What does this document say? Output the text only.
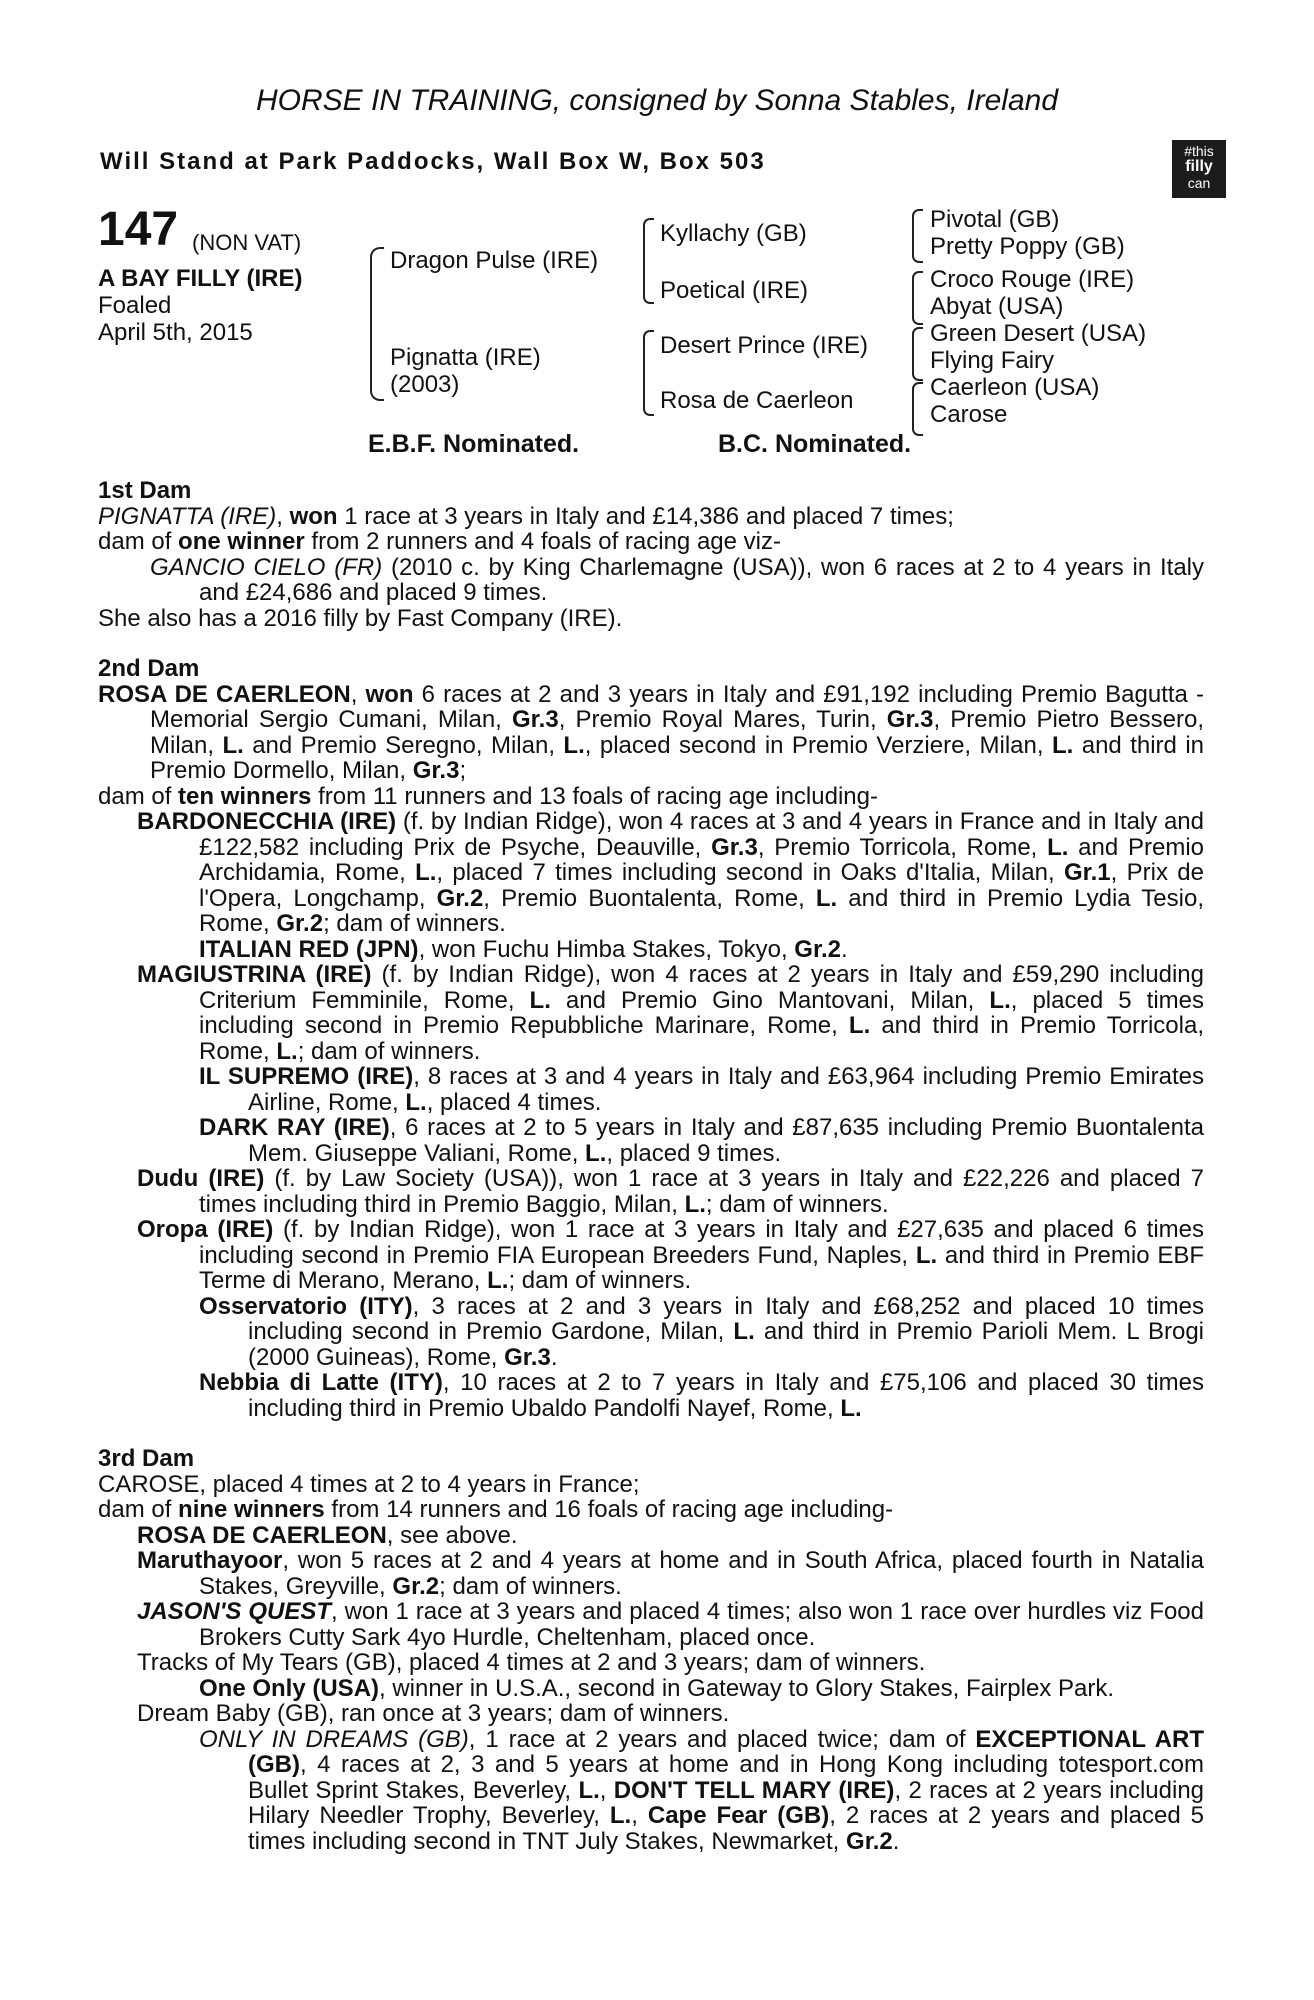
HORSE IN TRAINING, consigned by Sonna Stables, Ireland
Will Stand at Park Paddocks, Wall Box W, Box 503	#this
filly
can
147 (NON VAT)
A BAY FILLY (IRE)
Foaled
April 5th, 2015
Dragon Pulse (IRE)
Pignatta (IRE)
(2003)
Kyllachy (GB)
Poetical (IRE)
Desert Prince (IRE)
Rosa de Caerleon
Pivotal (GB)
Pretty Poppy (GB)
Croco Rouge (IRE)
Abyat (USA)
Green Desert (USA)
Flying Fairy
Caerleon (USA)
Carose
E.B.F. Nominated.	B.C. Nominated.
1st Dam
PIGNATTA (IRE), won 1 race at 3 years in Italy and £14,386 and placed 7 times;
dam of one winner from 2 runners and 4 foals of racing age viz-
GANCIO CIELO (FR) (2010 c. by King Charlemagne (USA)), won 6 races at 2 to 4 years in Italy and £24,686 and placed 9 times.
She also has a 2016 filly by Fast Company (IRE).
2nd Dam
ROSA DE CAERLEON, won 6 races at 2 and 3 years in Italy and £91,192 including Premio Bagutta - Memorial Sergio Cumani, Milan, Gr.3, Premio Royal Mares, Turin, Gr.3, Premio Pietro Bessero, Milan, L. and Premio Seregno, Milan, L., placed second in Premio Verziere, Milan, L. and third in Premio Dormello, Milan, Gr.3;
dam of ten winners from 11 runners and 13 foals of racing age including-
BARDONECCHIA (IRE) (f. by Indian Ridge), won 4 races at 3 and 4 years in France and in Italy and £122,582 including Prix de Psyche, Deauville, Gr.3, Premio Torricola, Rome, L. and Premio Archidamia, Rome, L., placed 7 times including second in Oaks d'Italia, Milan, Gr.1, Prix de l'Opera, Longchamp, Gr.2, Premio Buontalenta, Rome, L. and third in Premio Lydia Tesio, Rome, Gr.2; dam of winners.
ITALIAN RED (JPN), won Fuchu Himba Stakes, Tokyo, Gr.2.
MAGIUSTRINA (IRE) (f. by Indian Ridge), won 4 races at 2 years in Italy and £59,290 including Criterium Femminile, Rome, L. and Premio Gino Mantovani, Milan, L., placed 5 times including second in Premio Repubbliche Marinare, Rome, L. and third in Premio Torricola, Rome, L.; dam of winners.
IL SUPREMO (IRE), 8 races at 3 and 4 years in Italy and £63,964 including Premio Emirates Airline, Rome, L., placed 4 times.
DARK RAY (IRE), 6 races at 2 to 5 years in Italy and £87,635 including Premio Buontalenta Mem. Giuseppe Valiani, Rome, L., placed 9 times.
Dudu (IRE) (f. by Law Society (USA)), won 1 race at 3 years in Italy and £22,226 and placed 7 times including third in Premio Baggio, Milan, L.; dam of winners.
Oropa (IRE) (f. by Indian Ridge), won 1 race at 3 years in Italy and £27,635 and placed 6 times including second in Premio FIA European Breeders Fund, Naples, L. and third in Premio EBF Terme di Merano, Merano, L.; dam of winners.
Osservatorio (ITY), 3 races at 2 and 3 years in Italy and £68,252 and placed 10 times including second in Premio Gardone, Milan, L. and third in Premio Parioli Mem. L Brogi (2000 Guineas), Rome, Gr.3.
Nebbia di Latte (ITY), 10 races at 2 to 7 years in Italy and £75,106 and placed 30 times including third in Premio Ubaldo Pandolfi Nayef, Rome, L.
3rd Dam
CAROSE, placed 4 times at 2 to 4 years in France;
dam of nine winners from 14 runners and 16 foals of racing age including-
ROSA DE CAERLEON, see above.
Maruthayoor, won 5 races at 2 and 4 years at home and in South Africa, placed fourth in Natalia Stakes, Greyville, Gr.2; dam of winners.
JASON'S QUEST, won 1 race at 3 years and placed 4 times; also won 1 race over hurdles viz Food Brokers Cutty Sark 4yo Hurdle, Cheltenham, placed once.
Tracks of My Tears (GB), placed 4 times at 2 and 3 years; dam of winners.
One Only (USA), winner in U.S.A., second in Gateway to Glory Stakes, Fairplex Park.
Dream Baby (GB), ran once at 3 years; dam of winners.
ONLY IN DREAMS (GB), 1 race at 2 years and placed twice; dam of EXCEPTIONAL ART (GB), 4 races at 2, 3 and 5 years at home and in Hong Kong including totesport.com Bullet Sprint Stakes, Beverley, L., DON'T TELL MARY (IRE), 2 races at 2 years including Hilary Needler Trophy, Beverley, L., Cape Fear (GB), 2 races at 2 years and placed 5 times including second in TNT July Stakes, Newmarket, Gr.2.
